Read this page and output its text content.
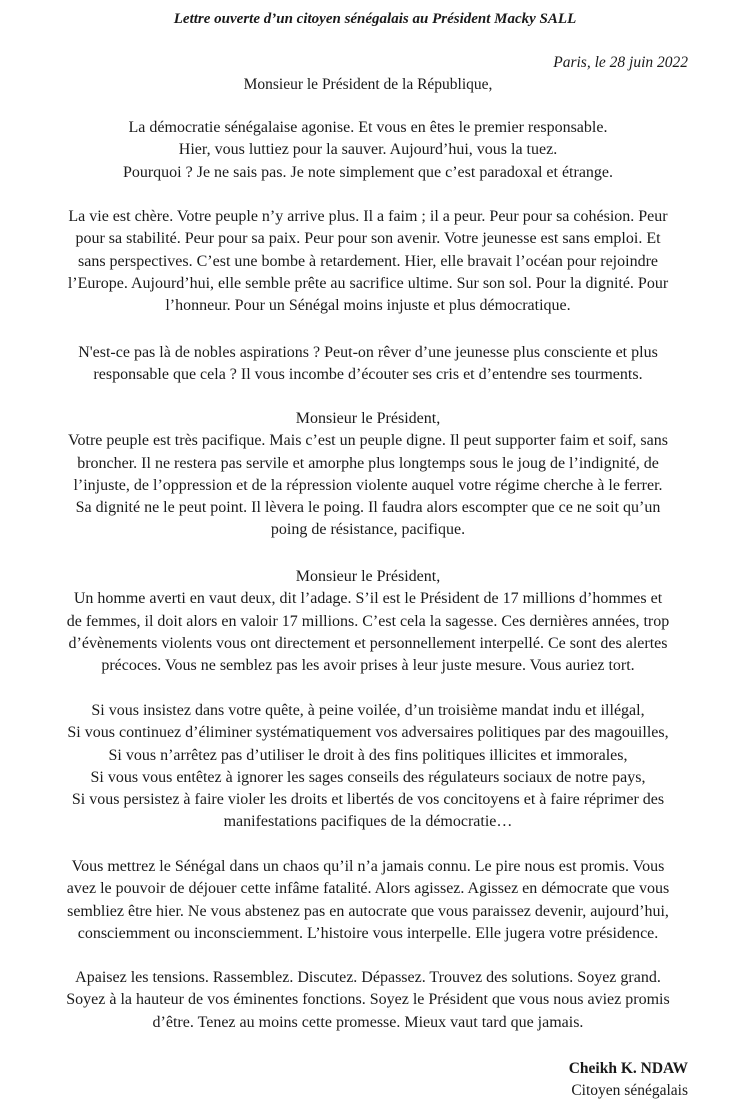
Lettre ouverte d’un citoyen sénégalais au Président Macky SALL
Paris, le 28 juin 2022
Monsieur le Président de la République,
La démocratie sénégalaise agonise. Et vous en êtes le premier responsable.
Hier, vous luttiez pour la sauver. Aujourd’hui, vous la tuez.
Pourquoi ? Je ne sais pas. Je note simplement que c’est paradoxal et étrange.
La vie est chère. Votre peuple n’y arrive plus. Il a faim ; il a peur. Peur pour sa cohésion. Peur
pour sa stabilité. Peur pour sa paix. Peur pour son avenir. Votre jeunesse est sans emploi. Et
sans perspectives. C’est une bombe à retardement. Hier, elle bravait l’océan pour rejoindre
l’Europe. Aujourd’hui, elle semble prête au sacrifice ultime. Sur son sol. Pour la dignité. Pour
l’honneur. Pour un Sénégal moins injuste et plus démocratique.
N'est-ce pas là de nobles aspirations ? Peut-on rêver d’une jeunesse plus consciente et plus
responsable que cela ? Il vous incombe d’écouter ses cris et d’entendre ses tourments.
Monsieur le Président,
Votre peuple est très pacifique. Mais c’est un peuple digne. Il peut supporter faim et soif, sans
broncher. Il ne restera pas servile et amorphe plus longtemps sous le joug de l’indignité, de
l’injuste, de l’oppression et de la répression violente auquel votre régime cherche à le ferrer.
Sa dignité ne le peut point. Il lèvera le poing. Il faudra alors escompter que ce ne soit qu’un
poing de résistance, pacifique.
Monsieur le Président,
Un homme averti en vaut deux, dit l’adage. S’il est le Président de 17 millions d’hommes et
de femmes, il doit alors en valoir 17 millions. C’est cela la sagesse. Ces dernières années, trop
d’évènements violents vous ont directement et personnellement interpellé. Ce sont des alertes
précoces. Vous ne semblez pas les avoir prises à leur juste mesure. Vous auriez tort.
Si vous insistez dans votre quête, à peine voilée, d’un troisième mandat indu et illégal,
Si vous continuez d’éliminer systématiquement vos adversaires politiques par des magouilles,
Si vous n’arrêtez pas d’utiliser le droit à des fins politiques illicites et immorales,
Si vous vous entêtez à ignorer les sages conseils des régulateurs sociaux de notre pays,
Si vous persistez à faire violer les droits et libertés de vos concitoyens et à faire réprimer des
manifestations pacifiques de la démocratie…
Vous mettrez le Sénégal dans un chaos qu’il n’a jamais connu. Le pire nous est promis. Vous
avez le pouvoir de déjouer cette infâme fatalité. Alors agissez. Agissez en démocrate que vous
sembliez être hier. Ne vous abstenez pas en autocrate que vous paraissez devenir, aujourd’hui,
consciemment ou inconsciemment. L’histoire vous interpelle. Elle jugera votre présidence.
Apaisez les tensions. Rassemblez. Discutez. Dépassez. Trouvez des solutions. Soyez grand.
Soyez à la hauteur de vos éminentes fonctions. Soyez le Président que vous nous aviez promis
d’être. Tenez au moins cette promesse. Mieux vaut tard que jamais.
Cheikh K. NDAW
Citoyen sénégalais
